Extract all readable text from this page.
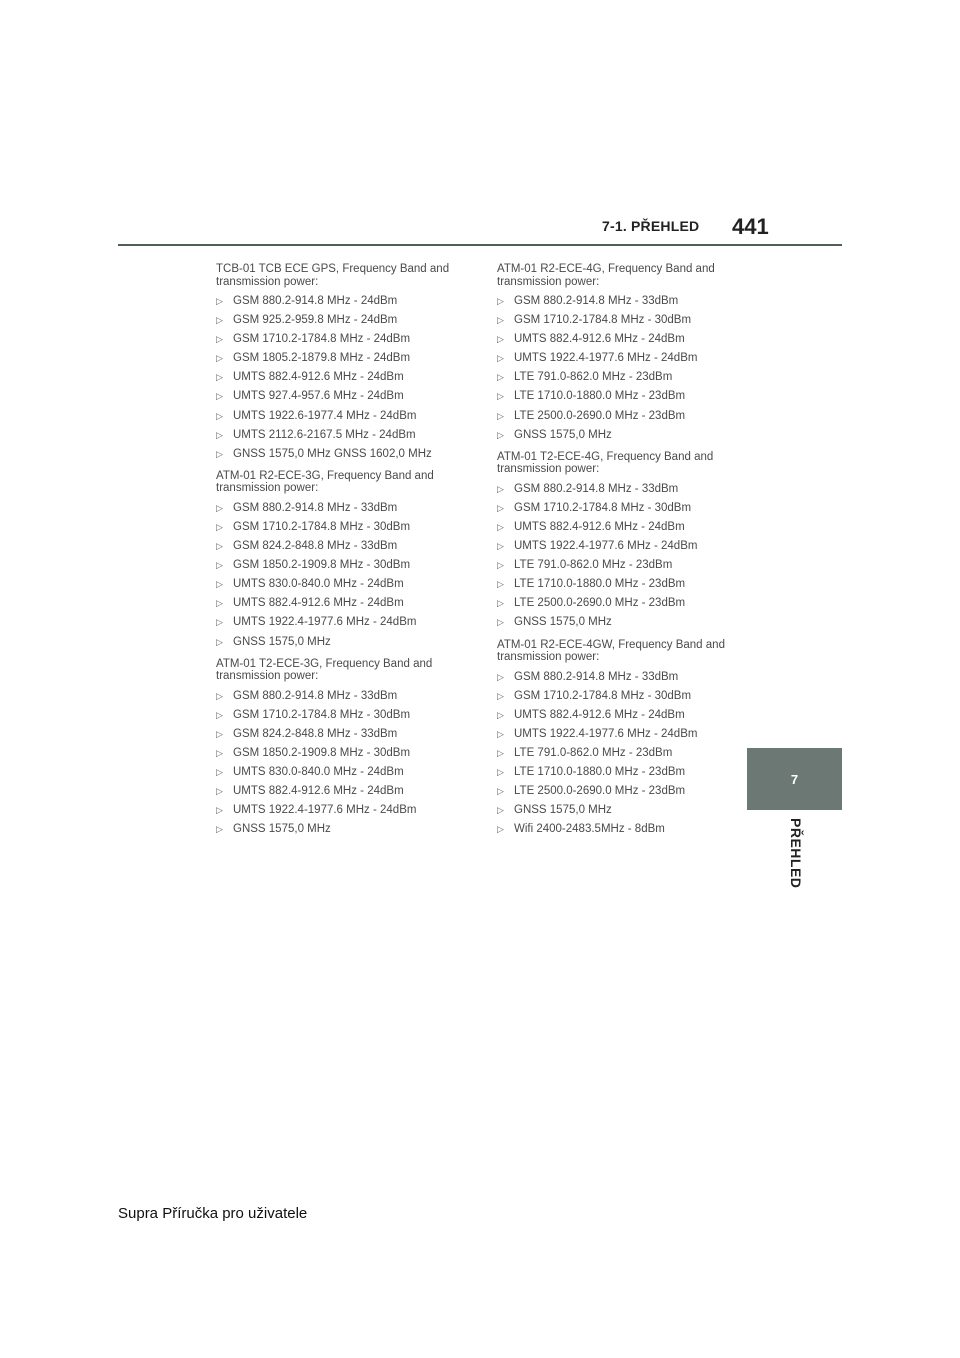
7-1. PŘEHLED 441
7
PŘEHLED
TCB-01 TCB ECE GPS, Frequency Band and transmission power:
▷ GSM 880.2-914.8 MHz - 24dBm
▷ GSM 925.2-959.8 MHz - 24dBm
▷ GSM 1710.2-1784.8 MHz - 24dBm
▷ GSM 1805.2-1879.8 MHz - 24dBm
▷ UMTS 882.4-912.6 MHz - 24dBm
▷ UMTS 927.4-957.6 MHz - 24dBm
▷ UMTS 1922.6-1977.4 MHz - 24dBm
▷ UMTS 2112.6-2167.5 MHz - 24dBm
▷ GNSS 1575,0 MHz GNSS 1602,0 MHz
ATM-01 R2-ECE-3G, Frequency Band and transmission power:
▷ GSM 880.2-914.8 MHz - 33dBm
▷ GSM 1710.2-1784.8 MHz - 30dBm
▷ GSM 824.2-848.8 MHz - 33dBm
▷ GSM 1850.2-1909.8 MHz - 30dBm
▷ UMTS 830.0-840.0 MHz - 24dBm
▷ UMTS 882.4-912.6 MHz - 24dBm
▷ UMTS 1922.4-1977.6 MHz - 24dBm
▷ GNSS 1575,0 MHz
ATM-01 T2-ECE-3G, Frequency Band and transmission power:
▷ GSM 880.2-914.8 MHz - 33dBm
▷ GSM 1710.2-1784.8 MHz - 30dBm
▷ GSM 824.2-848.8 MHz - 33dBm
▷ GSM 1850.2-1909.8 MHz - 30dBm
▷ UMTS 830.0-840.0 MHz - 24dBm
▷ UMTS 882.4-912.6 MHz - 24dBm
▷ UMTS 1922.4-1977.6 MHz - 24dBm
▷ GNSS 1575,0 MHz
ATM-01 R2-ECE-4G, Frequency Band and transmission power:
▷ GSM 880.2-914.8 MHz - 33dBm
▷ GSM 1710.2-1784.8 MHz - 30dBm
▷ UMTS 882.4-912.6 MHz - 24dBm
▷ UMTS 1922.4-1977.6 MHz - 24dBm
▷ LTE 791.0-862.0 MHz - 23dBm
▷ LTE 1710.0-1880.0 MHz - 23dBm
▷ LTE 2500.0-2690.0 MHz - 23dBm
▷ GNSS 1575,0 MHz
ATM-01 T2-ECE-4G, Frequency Band and transmission power:
▷ GSM 880.2-914.8 MHz - 33dBm
▷ GSM 1710.2-1784.8 MHz - 30dBm
▷ UMTS 882.4-912.6 MHz - 24dBm
▷ UMTS 1922.4-1977.6 MHz - 24dBm
▷ LTE 791.0-862.0 MHz - 23dBm
▷ LTE 1710.0-1880.0 MHz - 23dBm
▷ LTE 2500.0-2690.0 MHz - 23dBm
▷ GNSS 1575,0 MHz
ATM-01 R2-ECE-4GW, Frequency Band and transmission power:
▷ GSM 880.2-914.8 MHz - 33dBm
▷ GSM 1710.2-1784.8 MHz - 30dBm
▷ UMTS 882.4-912.6 MHz - 24dBm
▷ UMTS 1922.4-1977.6 MHz - 24dBm
▷ LTE 791.0-862.0 MHz - 23dBm
▷ LTE 1710.0-1880.0 MHz - 23dBm
▷ LTE 2500.0-2690.0 MHz - 23dBm
▷ GNSS 1575,0 MHz
▷ Wifi 2400-2483.5MHz - 8dBm
Supra Příručka pro uživatele
